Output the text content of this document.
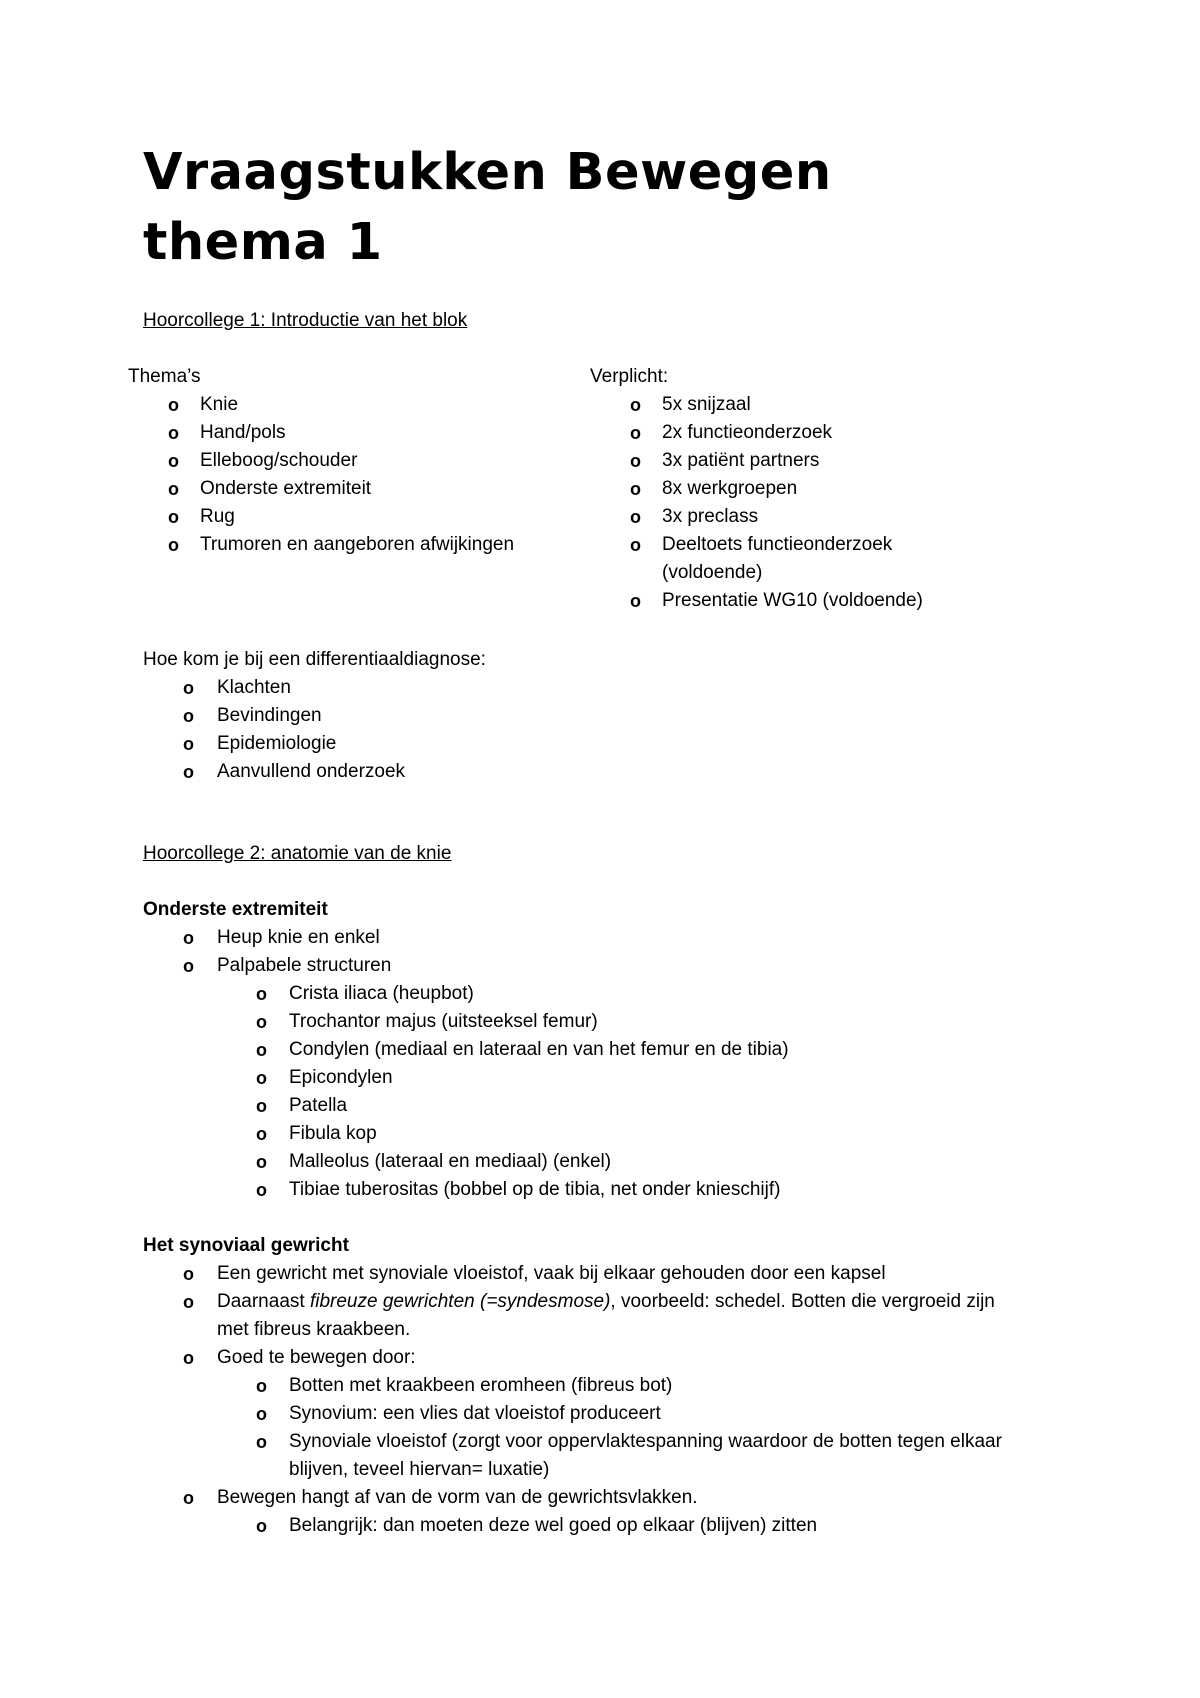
Vraagstukken Bewegen
thema 1
Hoorcollege 1: Introductie van het blok
Thema’s
o Knie
o Hand/pols
o Elleboog/schouder
o Onderste extremiteit
o Rug
o Trumoren en aangeboren afwijkingen
Verplicht:
o 5x snijzaal
o 2x functieonderzoek
o 3x patiënt partners
o 8x werkgroepen
o 3x preclass
o Deeltoets functieonderzoek
(voldoende)
o Presentatie WG10 (voldoende)
Hoe kom je bij een differentiaaldiagnose:
o Klachten
o Bevindingen
o Epidemiologie
o Aanvullend onderzoek
Hoorcollege 2: anatomie van de knie
Onderste extremiteit
o Heup knie en enkel
o Palpabele structuren
o Crista iliaca (heupbot)
o Trochantor majus (uitsteeksel femur)
o Condylen (mediaal en lateraal en van het femur en de tibia)
o Epicondylen
o Patella
o Fibula kop
o Malleolus (lateraal en mediaal) (enkel)
o Tibiae tuberositas (bobbel op de tibia, net onder knieschijf)
Het synoviaal gewricht
o Een gewricht met synoviale vloeistof, vaak bij elkaar gehouden door een kapsel
o Daarnaast fibreuze gewrichten (=syndesmose), voorbeeld: schedel. Botten die vergroeid zijn
met fibreus kraakbeen.
o Goed te bewegen door:
o Botten met kraakbeen eromheen (fibreus bot)
o Synovium: een vlies dat vloeistof produceert
o Synoviale vloeistof (zorgt voor oppervlaktespanning waardoor de botten tegen elkaar
blijven, teveel hiervan= luxatie)
o Bewegen hangt af van de vorm van de gewrichtsvlakken.
o Belangrijk: dan moeten deze wel goed op elkaar (blijven) zitten
